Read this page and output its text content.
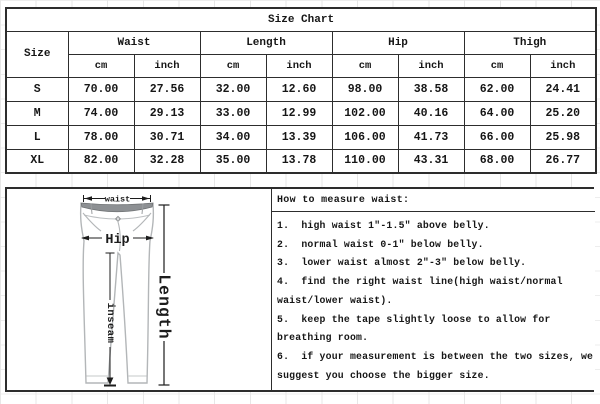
Size Chart								
Size	Waist		Length		Hip		Thigh	
	cm	inch	cm	inch	cm	inch	cm	inch
S	70.00	27.56	32.00	12.60	98.00	38.58	62.00	24.41
M	74.00	29.13	33.00	12.99	102.00	40.16	64.00	25.20
L	78.00	30.71	34.00	13.39	106.00	41.73	66.00	25.98
XL	82.00	32.28	35.00	13.78	110.00	43.31	68.00	26.77
waist
Hip
inseam Length
How to measure waist:
1.  high waist 1″-1.5″ above belly.
2.  normal waist 0-1″ below belly.
3.  lower waist almost 2″-3″ below belly.
4.  find the right waist line(high waist/normal
waist/lower waist).
5.  keep the tape slightly loose to allow for
breathing room.
6.  if your measurement is between the two sizes, we
suggest you choose the bigger size.
